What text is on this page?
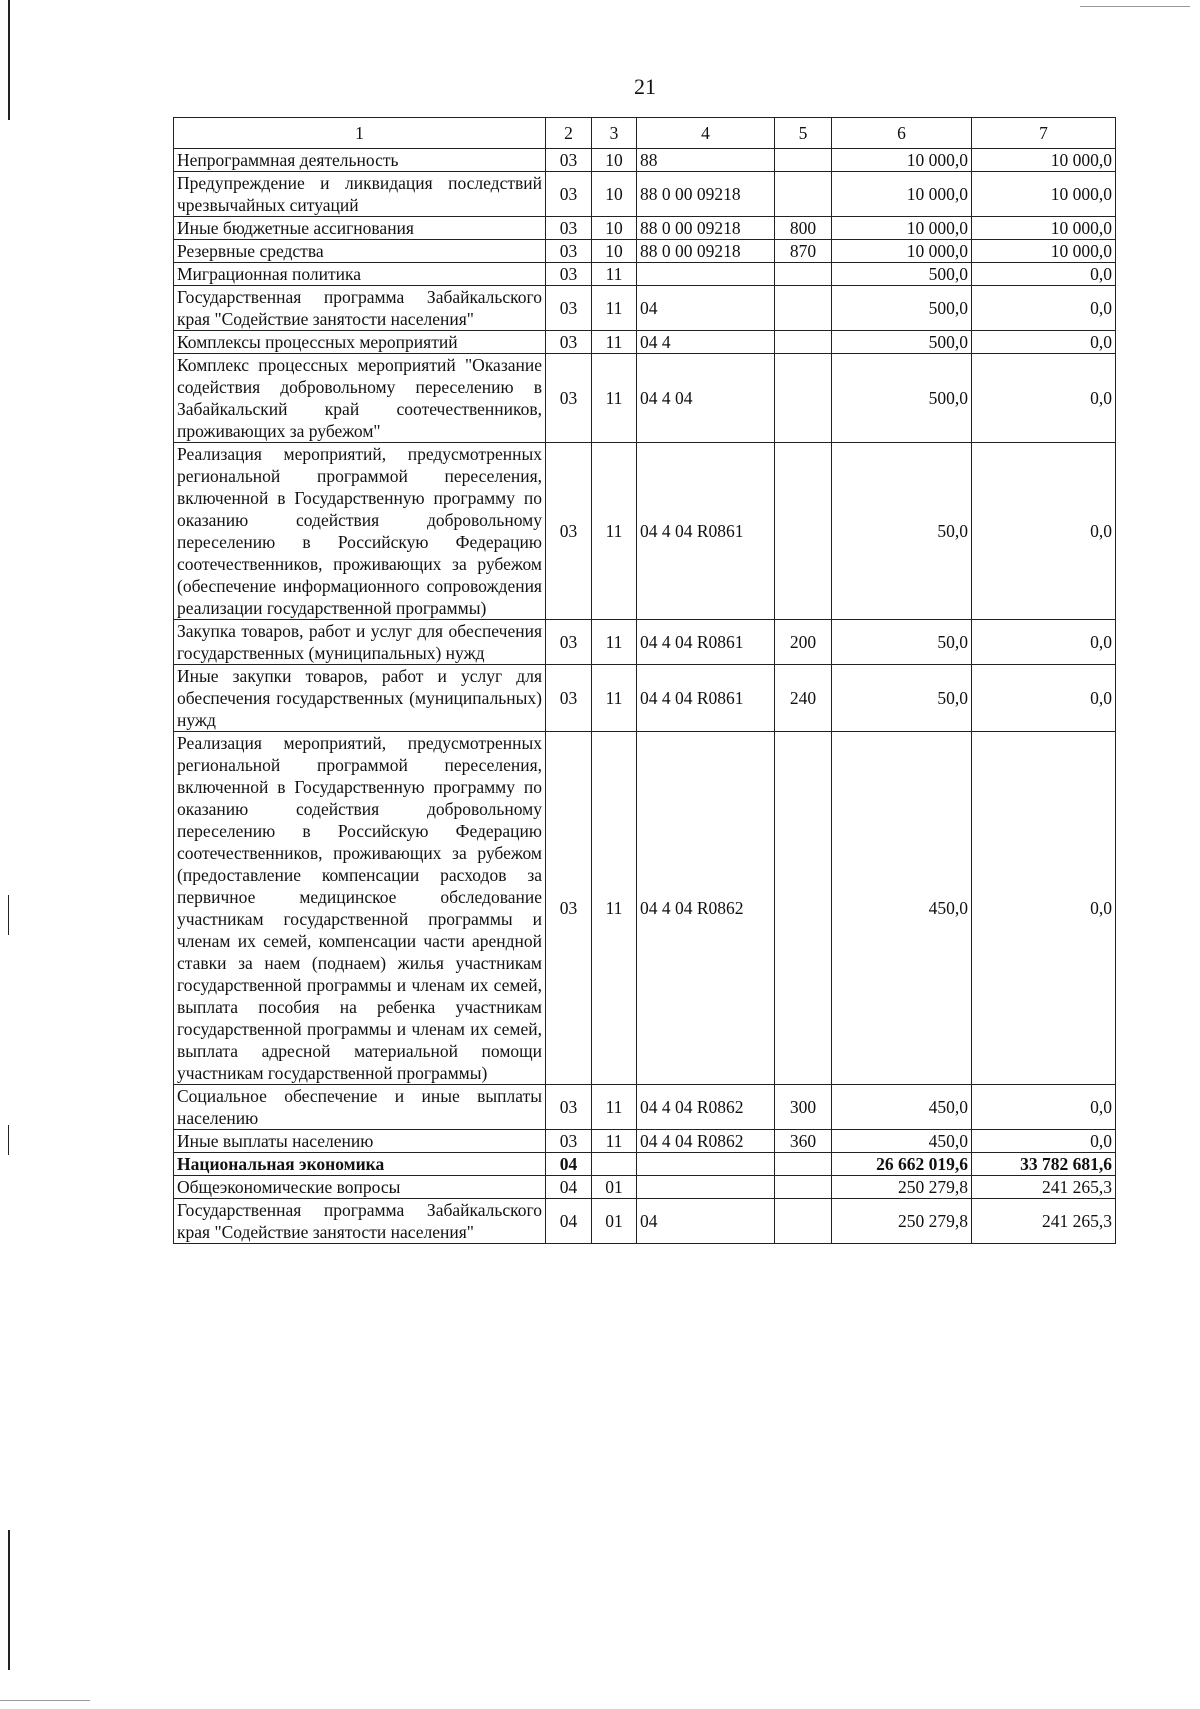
21
1	2	3	4	5	6	7
Непрограммная деятельность	03	10	88		10 000,0	10 000,0
Предупреждение и ликвидация последствий чрезвычайных ситуаций	03	10	88 0 00 09218		10 000,0	10 000,0
Иные бюджетные ассигнования	03	10	88 0 00 09218	800	10 000,0	10 000,0
Резервные средства	03	10	88 0 00 09218	870	10 000,0	10 000,0
Миграционная политика	03	11			500,0	0,0
Государственная программа Забайкальского края "Содействие занятости населения"	03	11	04		500,0	0,0
Комплексы процессных мероприятий	03	11	04 4		500,0	0,0
Комплекс процессных мероприятий "Оказание содействия добровольному переселению в Забайкальский край соотечественников, проживающих за рубежом"	03	11	04 4 04		500,0	0,0
Реализация мероприятий, предусмотренных региональной программой переселения, включенной в Государственную программу по оказанию содействия добровольному переселению в Российскую Федерацию соотечественников, проживающих за рубежом (обеспечение информационного сопровождения реализации государственной программы)	03	11	04 4 04 R0861		50,0	0,0
Закупка товаров, работ и услуг для обеспечения государственных (муниципальных) нужд	03	11	04 4 04 R0861	200	50,0	0,0
Иные закупки товаров, работ и услуг для обеспечения государственных (муниципальных) нужд	03	11	04 4 04 R0861	240	50,0	0,0
Реализация мероприятий, предусмотренных региональной программой переселения, включенной в Государственную программу по оказанию содействия добровольному переселению в Российскую Федерацию соотечественников, проживающих за рубежом (предоставление компенсации расходов за первичное медицинское обследование участникам государственной программы и членам их семей, компенсации части арендной ставки за наем (поднаем) жилья участникам государственной программы и членам их семей, выплата пособия на ребенка участникам государственной программы и членам их семей, выплата адресной материальной помощи участникам государственной программы)	03	11	04 4 04 R0862		450,0	0,0
Социальное обеспечение и иные выплаты населению	03	11	04 4 04 R0862	300	450,0	0,0
Иные выплаты населению	03	11	04 4 04 R0862	360	450,0	0,0
Национальная экономика	04				26 662 019,6	33 782 681,6
Общеэкономические вопросы	04	01			250 279,8	241 265,3
Государственная программа Забайкальского края "Содействие занятости населения"	04	01	04		250 279,8	241 265,3
